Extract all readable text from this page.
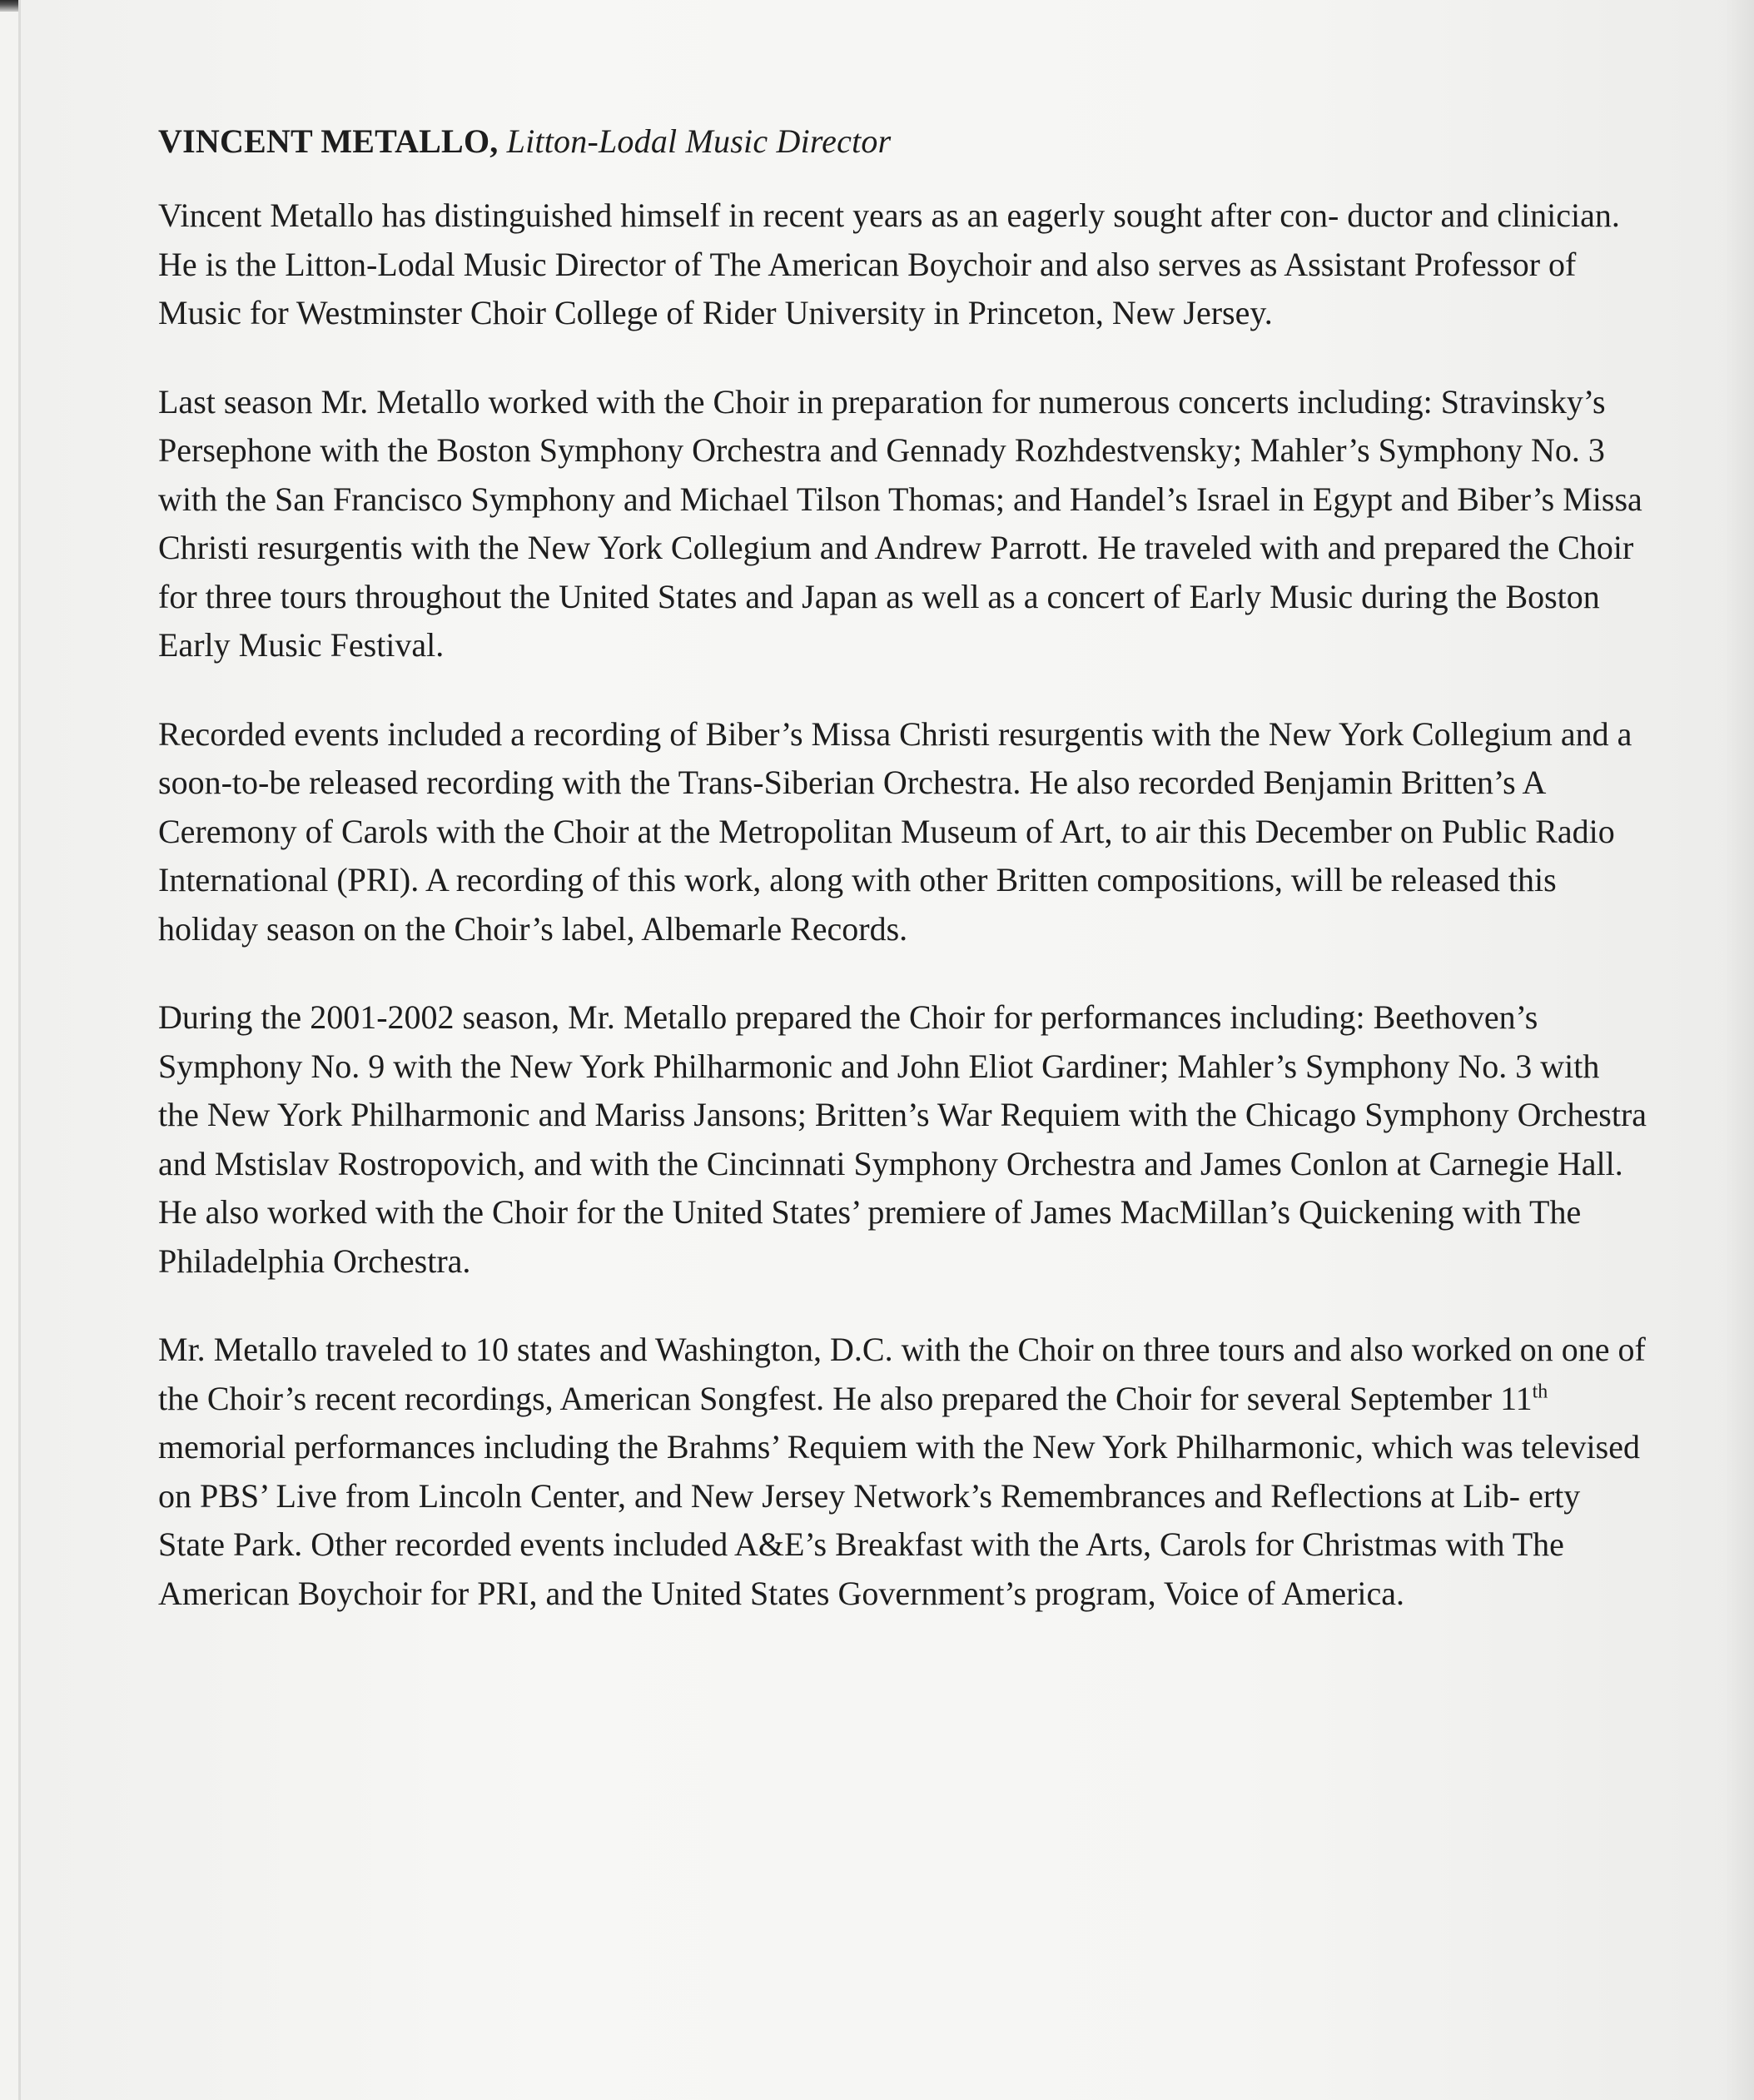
VINCENT METALLO, Litton-Lodal Music Director

Vincent Metallo has distinguished himself in recent years as an eagerly sought after con- ductor and clinician. He is the Litton-Lodal Music Director of The American Boychoir and also serves as Assistant Professor of Music for Westminster Choir College of Rider University in Princeton, New Jersey.

Last season Mr. Metallo worked with the Choir in preparation for numerous concerts including: Stravinsky’s Persephone with the Boston Symphony Orchestra and Gennady Rozhdestvensky; Mahler’s Symphony No. 3 with the San Francisco Symphony and Michael Tilson Thomas; and Handel’s Israel in Egypt and Biber’s Missa Christi resurgentis with the New York Collegium and Andrew Parrott. He traveled with and prepared the Choir for three tours throughout the United States and Japan as well as a concert of Early Music during the Boston Early Music Festival.

Recorded events included a recording of Biber’s Missa Christi resurgentis with the New York Collegium and a soon-to-be released recording with the Trans-Siberian Orchestra. He also recorded Benjamin Britten’s A Ceremony of Carols with the Choir at the Metropolitan Museum of Art, to air this December on Public Radio International (PRI). A recording of this work, along with other Britten compositions, will be released this holiday season on the Choir’s label, Albemarle Records.

During the 2001-2002 season, Mr. Metallo prepared the Choir for performances including: Beethoven’s Symphony No. 9 with the New York Philharmonic and John Eliot Gardiner; Mahler’s Symphony No. 3 with the New York Philharmonic and Mariss Jansons; Britten’s War Requiem with the Chicago Symphony Orchestra and Mstislav Rostropovich, and with the Cincinnati Symphony Orchestra and James Conlon at Carnegie Hall. He also worked with the Choir for the United States’ premiere of James MacMillan’s Quickening with The Philadelphia Orchestra.

Mr. Metallo traveled to 10 states and Washington, D.C. with the Choir on three tours and also worked on one of the Choir’s recent recordings, American Songfest. He also prepared the Choir for several September 11th memorial performances including the Brahms’ Requiem with the New York Philharmonic, which was televised on PBS’ Live from Lincoln Center, and New Jersey Network’s Remembrances and Reflections at Lib- erty State Park. Other recorded events included A&E’s Breakfast with the Arts, Carols for Christmas with The American Boychoir for PRI, and the United States Government’s program, Voice of America.
